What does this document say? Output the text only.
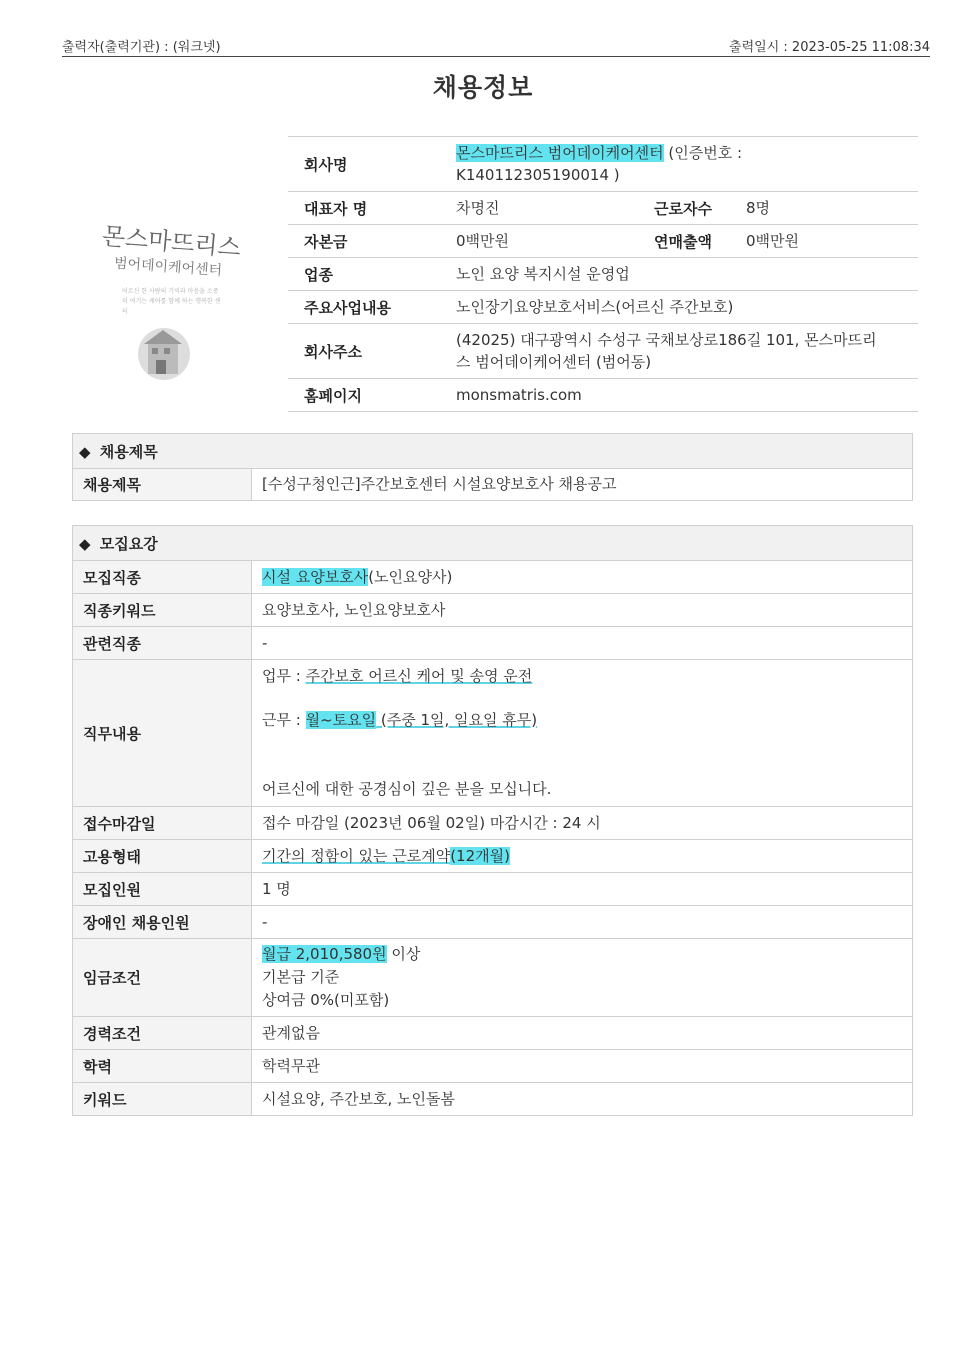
출력자(출력기관) : (워크넷)	출력일시 : 2023-05-25 11:08:34
채용정보
몬스마뜨리스
범어데이케어센터
어르신 한 사람의 기억과 마음을 소중히 여기는 케어를 함께 하는 행복한 센터
회사명	몬스마뜨리스 범어데이케어센터 (인증번호 :
K140112305190014 )		
대표자 명	차명진	근로자수	8명
자본금	0백만원	연매출액	0백만원
업종	노인 요양 복지시설 운영업		
주요사업내용	노인장기요양보호서비스(어르신 주간보호)		
회사주소	(42025) 대구광역시 수성구 국채보상로186길 101, 몬스마뜨리
스 범어데이케어센터 (범어동)		
홈페이지	monsmatris.com		
◆ 채용제목
채용제목	[수성구청인근]주간보호센터 시설요양보호사 채용공고
◆ 모집요강	
모집직종	시설 요양보호사(노인요양사)
직종키워드	요양보호사, 노인요양보호사
관련직종	-
직무내용	업무 : 주간보호 어르신 케어 및 송영 운전
근무 : 월~토요일 (주중 1일, 일요일 휴무)
어르신에 대한 공경심이 깊은 분을 모십니다.

접수마감일	접수 마감일 (2023년 06월 02일) 마감시간 : 24 시
고용형태	기간의 정함이 있는 근로계약(12개월)
모집인원	1 명
장애인 채용인원	-
임금조건	월급 2,010,580원 이상
기본급 기준
상여금 0%(미포함)

경력조건	관계없음
학력	학력무관
키워드	시설요양, 주간보호, 노인돌봄
